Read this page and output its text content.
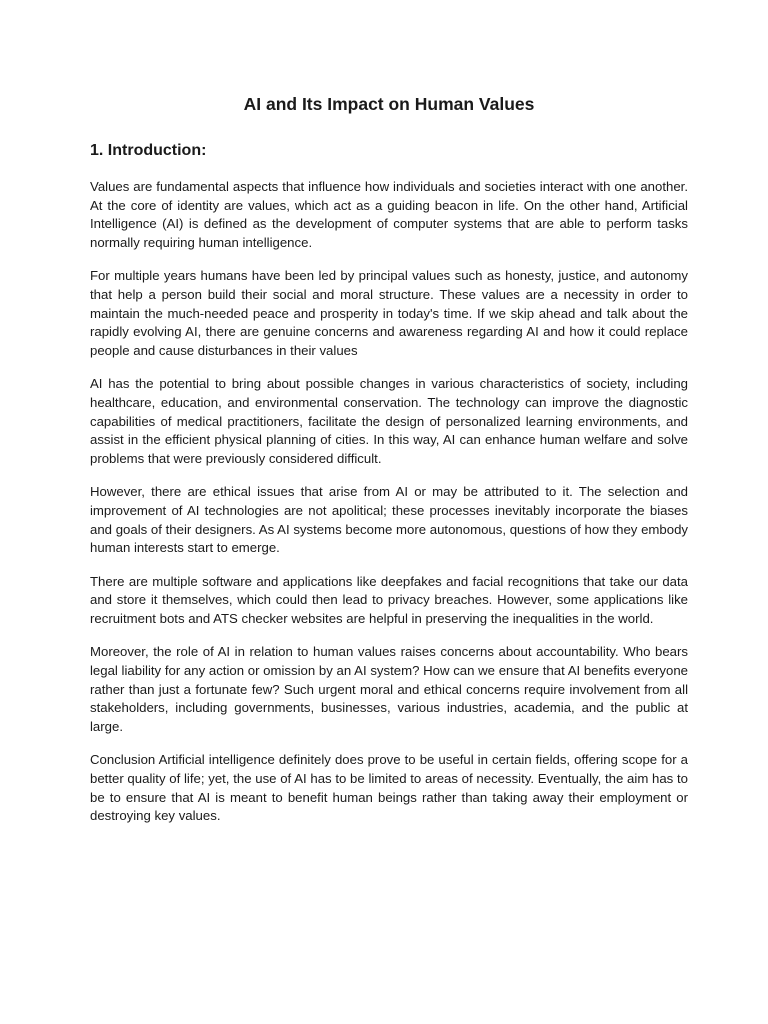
AI and Its Impact on Human Values
1. Introduction:

Values are fundamental aspects that influence how individuals and societies interact with one another. At the core of identity are values, which act as a guiding beacon in life. On the other hand, Artificial Intelligence (AI) is defined as the development of computer systems that are able to perform tasks normally requiring human intelligence.

For multiple years humans have been led by principal values such as honesty, justice, and autonomy that help a person build their social and moral structure. These values are a necessity in order to maintain the much-needed peace and prosperity in today's time. If we skip ahead and talk about the rapidly evolving AI, there are genuine concerns and awareness regarding AI and how it could replace people and cause disturbances in their values

AI has the potential to bring about possible changes in various characteristics of society, including healthcare, education, and environmental conservation. The technology can improve the diagnostic capabilities of medical practitioners, facilitate the design of personalized learning environments, and assist in the efficient physical planning of cities. In this way, AI can enhance human welfare and solve problems that were previously considered difficult.

However, there are ethical issues that arise from AI or may be attributed to it. The selection and improvement of AI technologies are not apolitical; these processes inevitably incorporate the biases and goals of their designers. As AI systems become more autonomous, questions of how they embody human interests start to emerge.

There are multiple software and applications like deepfakes and facial recognitions that take our data and store it themselves, which could then lead to privacy breaches. However, some applications like recruitment bots and ATS checker websites are helpful in preserving the inequalities in the world.

Moreover, the role of AI in relation to human values raises concerns about accountability. Who bears legal liability for any action or omission by an AI system? How can we ensure that AI benefits everyone rather than just a fortunate few? Such urgent moral and ethical concerns require involvement from all stakeholders, including governments, businesses, various industries, academia, and the public at large.

Conclusion Artificial intelligence definitely does prove to be useful in certain fields, offering scope for a better quality of life; yet, the use of AI has to be limited to areas of necessity. Eventually, the aim has to be to ensure that AI is meant to benefit human beings rather than taking away their employment or destroying key values.
